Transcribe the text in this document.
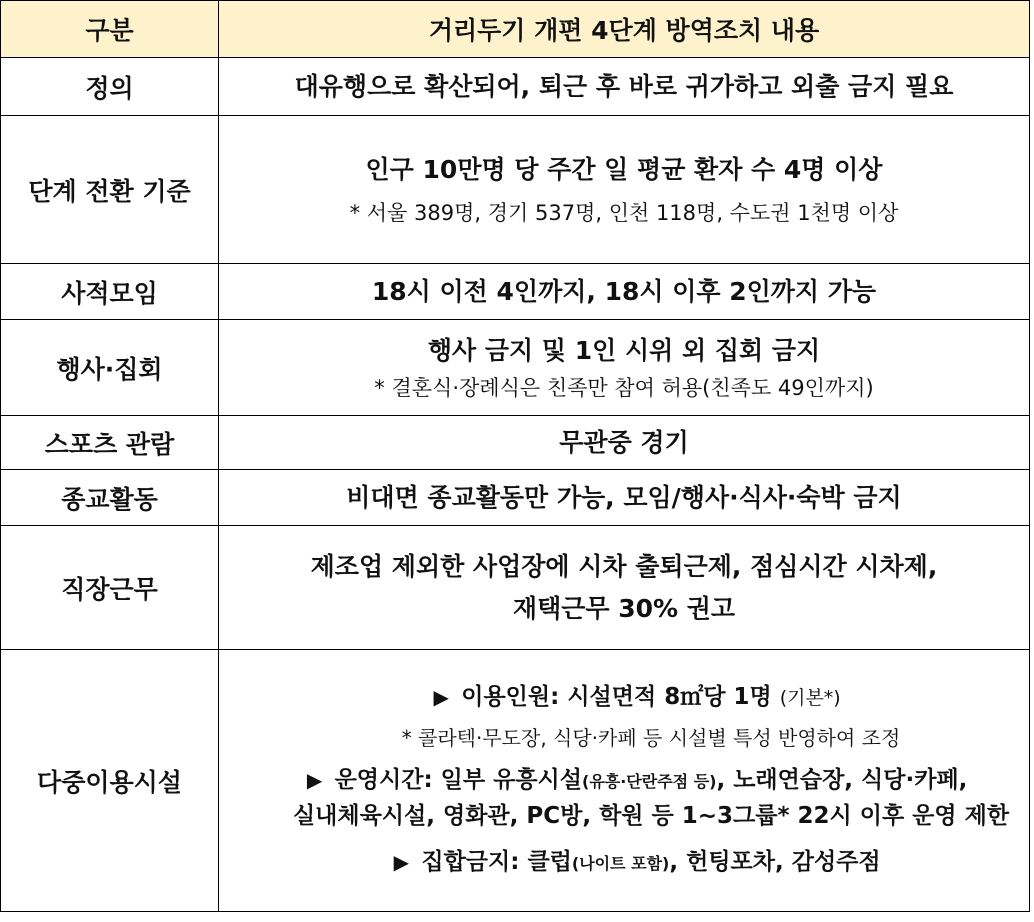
구분	거리두기 개편 4단계 방역조치 내용
정의	대유행으로 확산되어, 퇴근 후 바로 귀가하고 외출 금지 필요

단계 전환 기준	인구 10만명 당 주간 일 평균 환자 수 4명 이상
* 서울 389명, 경기 537명, 인천 118명, 수도권 1천명 이상

사적모임	18시 이전 4인까지, 18시 이후 2인까지 가능

행사·집회	행사 금지 및 1인 시위 외 집회 금지
* 결혼식·장례식은 친족만 참여 허용(친족도 49인까지)

스포츠 관람	무관중 경기

종교활동	비대면 종교활동만 가능, 모임/행사·식사·숙박 금지

직장근무	제조업 제외한 사업장에 시차 출퇴근제, 점심시간 시차제,
재택근무 30% 권고

다중이용시설	▶ 이용인원: 시설면적 8㎡당 1명 (기본*)
* 콜라텍·무도장, 식당·카페 등 시설별 특성 반영하여 조정
▶ 운영시간: 일부 유흥시설(유흥·단란주점 등), 노래연습장, 식당·카페,
실내체육시설, 영화관, PC방, 학원 등 1~3그룹* 22시 이후 운영 제한
▶ 집합금지: 클럽(나이트 포함), 헌팅포차, 감성주점
